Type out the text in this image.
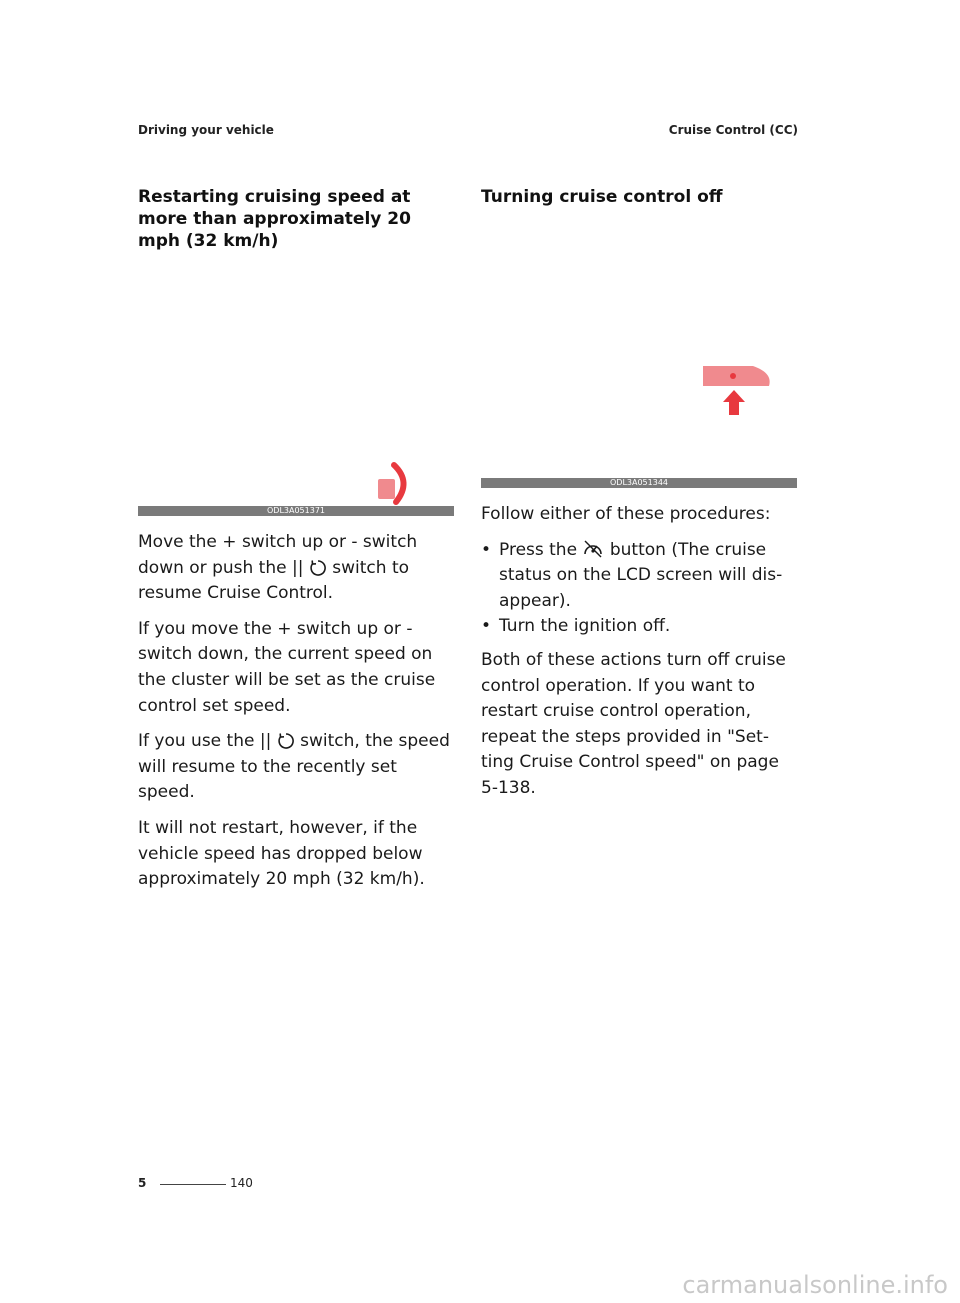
Driving your vehicle	Cruise Control (CC)
Restarting cruising speed at more than approximately 20 mph (32 km/h)
ODL3A051371

Move the + switch up or - switch down or push the ||  switch to resume Cruise Control.

If you move the + switch up or - switch down, the current speed on the cluster will be set as the cruise control set speed.

If you use the ||  switch, the speed will resume to the recently set speed.

It will not restart, however, if the vehicle speed has dropped below approximately 20 mph (32 km/h).

Turning cruise control off
ODL3A051344

Follow either of these procedures:

• Press the  button (The cruise status on the LCD screen will dis-appear).
• Turn the ignition off.

Both of these actions turn off cruise control operation. If you want to restart cruise control operation, repeat the steps provided in "Set-ting Cruise Control speed" on page 5-138.

5	140
carmanualsonline.info
